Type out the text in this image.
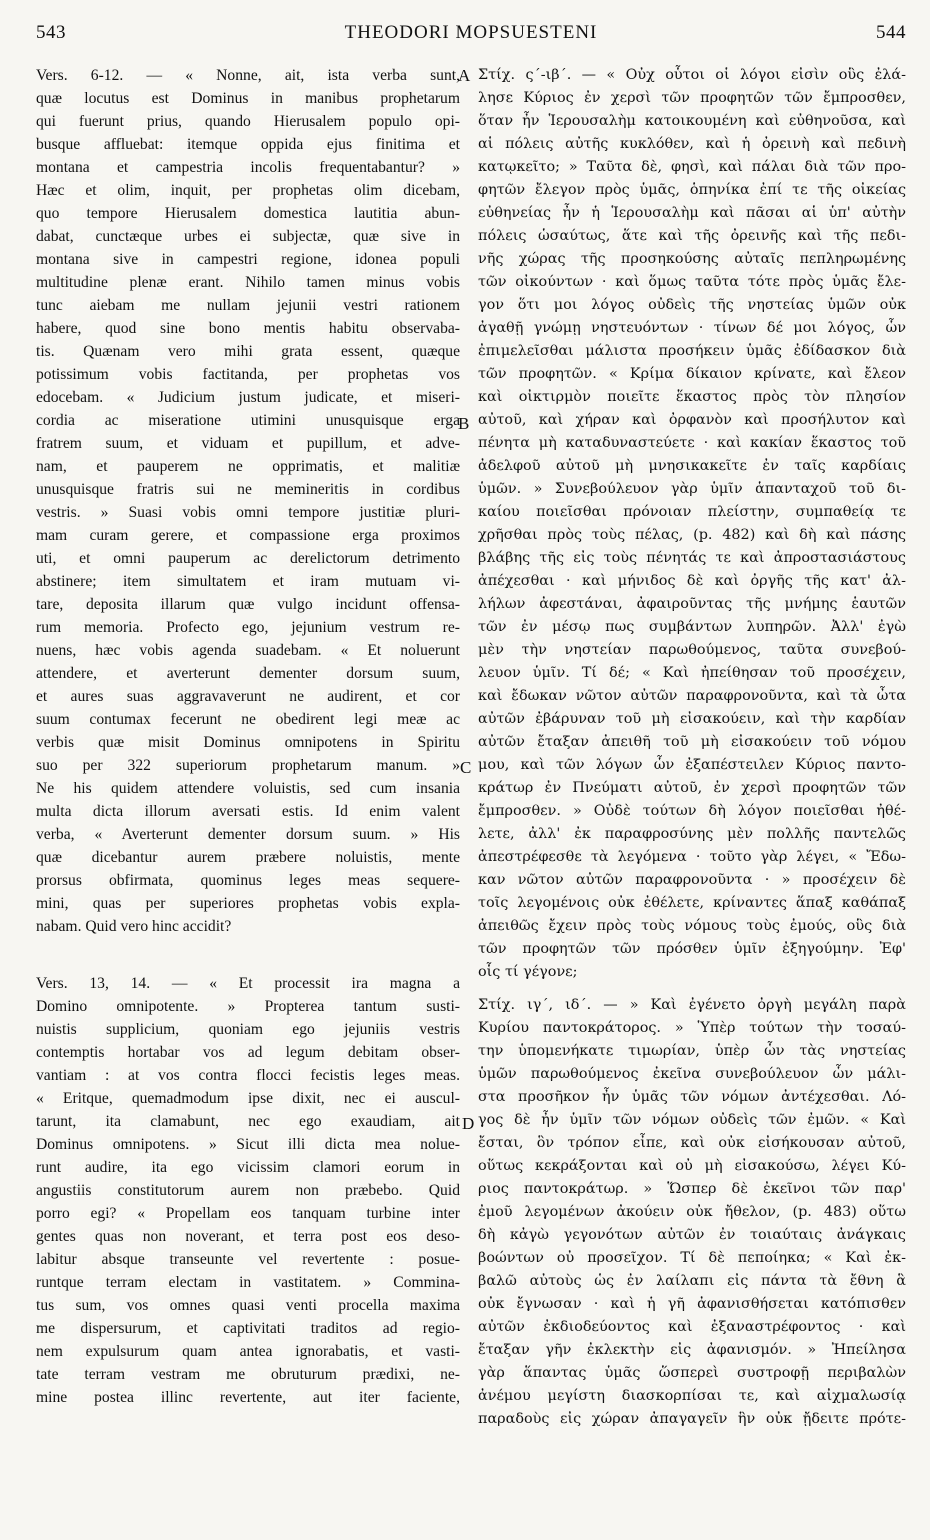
543	THEODORI MOPSUESTENI	544
A
B
C
D
Vers. 6-12. — « Nonne, ait, ista verba sunt,
quæ locutus est Dominus in manibus prophetarum
qui fuerunt prius, quando Hierusalem populo opi-
busque affluebat: itemque oppida ejus finitima et
montana et campestria incolis frequentabantur? »
Hæc et olim, inquit, per prophetas olim dicebam,
quo tempore Hierusalem domestica lautitia abun-
dabat, cunctæque urbes ei subjectæ, quæ sive in
montana sive in campestri regione, idonea populi
multitudine plenæ erant. Nihilo tamen minus vobis
tunc aiebam me nullam jejunii vestri rationem
habere, quod sine bono mentis habitu observaba-
tis. Quænam vero mihi grata essent, quæque
potissimum vobis factitanda, per prophetas vos
edocebam. « Judicium justum judicate, et miseri-
cordia ac miseratione utimini unusquisque erga
fratrem suum, et viduam et pupillum, et adve-
nam, et pauperem ne opprimatis, et malitiæ
unusquisque fratris sui ne memineritis in cordibus
vestris. » Suasi vobis omni tempore justitiæ pluri-
mam curam gerere, et compassione erga proximos
uti, et omni pauperum ac derelictorum detrimento
abstinere; item simultatem et iram mutuam vi-
tare, deposita illarum quæ vulgo incidunt offensa-
rum memoria. Profecto ego, jejunium vestrum re-
nuens, hæc vobis agenda suadebam. « Et noluerunt
attendere, et averterunt dementer dorsum suum,
et aures suas aggravaverunt ne audirent, et cor
suum contumax fecerunt ne obedirent legi meæ ac
verbis quæ misit Dominus omnipotens in Spiritu
suo per 322 superiorum prophetarum manum. »
Ne his quidem attendere voluistis, sed cum insania
multa dicta illorum aversati estis. Id enim valent
verba, « Averterunt dementer dorsum suum. » His
quæ dicebantur aurem præbere noluistis, mente
prorsus obfirmata, quominus leges meas sequere-
mini, quas per superiores prophetas vobis expla-
nabam. Quid vero hinc accidit?
Vers. 13, 14. — « Et processit ira magna a
Domino omnipotente. » Propterea tantum susti-
nuistis supplicium, quoniam ego jejuniis vestris
contemptis hortabar vos ad legum debitam obser-
vantiam : at vos contra flocci fecistis leges meas.
« Eritque, quemadmodum ipse dixit, nec ei auscul-
tarunt, ita clamabunt, nec ego exaudiam, ait
Dominus omnipotens. » Sicut illi dicta mea nolue-
runt audire, ita ego vicissim clamori eorum in
angustiis constitutorum aurem non præbebo. Quid
porro egi? « Propellam eos tanquam turbine inter
gentes quas non noverant, et terra post eos deso-
labitur absque transeunte vel revertente : posue-
runtque terram electam in vastitatem. » Commina-
tus sum, vos omnes quasi venti procella maxima
me dispersurum, et captivitati traditos ad regio-
nem expulsurum quam antea ignorabatis, et vasti-
tate terram vestram me obruturum prædixi, ne-
mine postea illinc revertente, aut iter faciente,
Στίχ. ς΄-ιβ΄. — « Οὐχ οὗτοι οἱ λόγοι εἰσὶν οὓς ἐλά-
λησε Κύριος ἐν χερσὶ τῶν προφητῶν τῶν ἔμπροσθεν,
ὅταν ἦν Ἱερουσαλὴμ κατοικουμένη καὶ εὐθηνοῦσα, καὶ
αἱ πόλεις αὐτῆς κυκλόθεν, καὶ ἡ ὀρεινὴ καὶ πεδινὴ
κατῳκεῖτο; » Ταῦτα δὲ, φησὶ, καὶ πάλαι διὰ τῶν προ-
φητῶν ἔλεγον πρὸς ὑμᾶς, ὁπηνίκα ἐπί τε τῆς οἰκείας
εὐθηνείας ἦν ἡ Ἱερουσαλὴμ καὶ πᾶσαι αἱ ὑπ' αὐτὴν
πόλεις ὡσαύτως, ἅτε καὶ τῆς ὀρεινῆς καὶ τῆς πεδι-
νῆς χώρας τῆς προσηκούσης αὐταῖς πεπληρωμένης
τῶν οἰκούντων · καὶ ὅμως ταῦτα τότε πρὸς ὑμᾶς ἔλε-
γον ὅτι μοι λόγος οὐδεὶς τῆς νηστείας ὑμῶν οὐκ
ἀγαθῇ γνώμῃ νηστευόντων · τίνων δέ μοι λόγος, ὧν
ἐπιμελεῖσθαι μάλιστα προσήκειν ὑμᾶς ἐδίδασκον διὰ
τῶν προφητῶν. « Κρίμα δίκαιον κρίνατε, καὶ ἔλεον
καὶ οἰκτιρμὸν ποιεῖτε ἕκαστος πρὸς τὸν πλησίον
αὐτοῦ, καὶ χήραν καὶ ὀρφανὸν καὶ προσήλυτον καὶ
πένητα μὴ καταδυναστεύετε · καὶ κακίαν ἕκαστος τοῦ
ἀδελφοῦ αὐτοῦ μὴ μνησικακεῖτε ἐν ταῖς καρδίαις
ὑμῶν. » Συνεβούλευον γὰρ ὑμῖν ἁπανταχοῦ τοῦ δι-
καίου ποιεῖσθαι πρόνοιαν πλείστην, συμπαθείᾳ τε
χρῆσθαι πρὸς τοὺς πέλας, (p. 482) καὶ δὴ καὶ πάσης
βλάβης τῆς εἰς τοὺς πένητάς τε καὶ ἀπροστασιάστους
ἀπέχεσθαι · καὶ μήνιδος δὲ καὶ ὀργῆς τῆς κατ' ἀλ-
λήλων ἀφεστάναι, ἀφαιροῦντας τῆς μνήμης ἑαυτῶν
τῶν ἐν μέσῳ πως συμβάντων λυπηρῶν. Ἀλλ' ἐγὼ
μὲν τὴν νηστείαν παρωθούμενος, ταῦτα συνεβού-
λευον ὑμῖν. Τί δέ; « Καὶ ἠπείθησαν τοῦ προσέχειν,
καὶ ἔδωκαν νῶτον αὐτῶν παραφρονοῦντα, καὶ τὰ ὦτα
αὐτῶν ἐβάρυναν τοῦ μὴ εἰσακούειν, καὶ τὴν καρδίαν
αὐτῶν ἔταξαν ἀπειθῆ τοῦ μὴ εἰσακούειν τοῦ νόμου
μου, καὶ τῶν λόγων ὧν ἐξαπέστειλεν Κύριος παντο-
κράτωρ ἐν Πνεύματι αὐτοῦ, ἐν χερσὶ προφητῶν τῶν
ἔμπροσθεν. » Οὐδὲ τούτων δὴ λόγον ποιεῖσθαι ἠθέ-
λετε, ἀλλ' ἐκ παραφροσύνης μὲν πολλῆς παντελῶς
ἀπεστρέφεσθε τὰ λεγόμενα · τοῦτο γὰρ λέγει, « Ἔδω-
καν νῶτον αὐτῶν παραφρονοῦντα · » προσέχειν δὲ
τοῖς λεγομένοις οὐκ ἐθέλετε, κρίναντες ἅπαξ καθάπαξ
ἀπειθῶς ἔχειν πρὸς τοὺς νόμους τοὺς ἐμούς, οὓς διὰ
τῶν προφητῶν τῶν πρόσθεν ὑμῖν ἐξηγούμην. Ἐφ'
οἷς τί γέγονε;
Στίχ. ιγ΄, ιδ΄. — » Καὶ ἐγένετο ὀργὴ μεγάλη παρὰ
Κυρίου παντοκράτορος. » Ὑπὲρ τούτων τὴν τοσαύ-
την ὑπομενήκατε τιμωρίαν, ὑπὲρ ὧν τὰς νηστείας
ὑμῶν παρωθούμενος ἐκεῖνα συνεβούλευον ὧν μάλι-
στα προσῆκον ἦν ὑμᾶς τῶν νόμων ἀντέχεσθαι. Λό-
γος δὲ ἦν ὑμῖν τῶν νόμων οὐδεὶς τῶν ἐμῶν. « Καὶ
ἔσται, ὃν τρόπον εἶπε, καὶ οὐκ εἰσήκουσαν αὐτοῦ,
οὕτως κεκράξονται καὶ οὐ μὴ εἰσακούσω, λέγει Κύ-
ριος παντοκράτωρ. » Ὥσπερ δὲ ἐκεῖνοι τῶν παρ'
ἐμοῦ λεγομένων ἀκούειν οὐκ ἤθελον, (p. 483) οὕτω
δὴ κἀγὼ γεγονότων αὐτῶν ἐν τοιαύταις ἀνάγκαις
βοώντων οὐ προσεῖχον. Τί δὲ πεποίηκα; « Καὶ ἐκ-
βαλῶ αὐτοὺς ὡς ἐν λαίλαπι εἰς πάντα τὰ ἔθνη ἃ
οὐκ ἔγνωσαν · καὶ ἡ γῆ ἀφανισθήσεται κατόπισθεν
αὐτῶν ἐκδιοδεύοντος καὶ ἐξαναστρέφοντος · καὶ
ἔταξαν γῆν ἐκλεκτὴν εἰς ἀφανισμόν. » Ἠπείλησα
γὰρ ἅπαντας ὑμᾶς ὥσπερεὶ συστροφῇ περιβαλὼν
ἀνέμου μεγίστη διασκορπίσαι τε, καὶ αἰχμαλωσίᾳ
παραδοὺς εἰς χώραν ἀπαγαγεῖν ἣν οὐκ ᾔδειτε πρότε-
